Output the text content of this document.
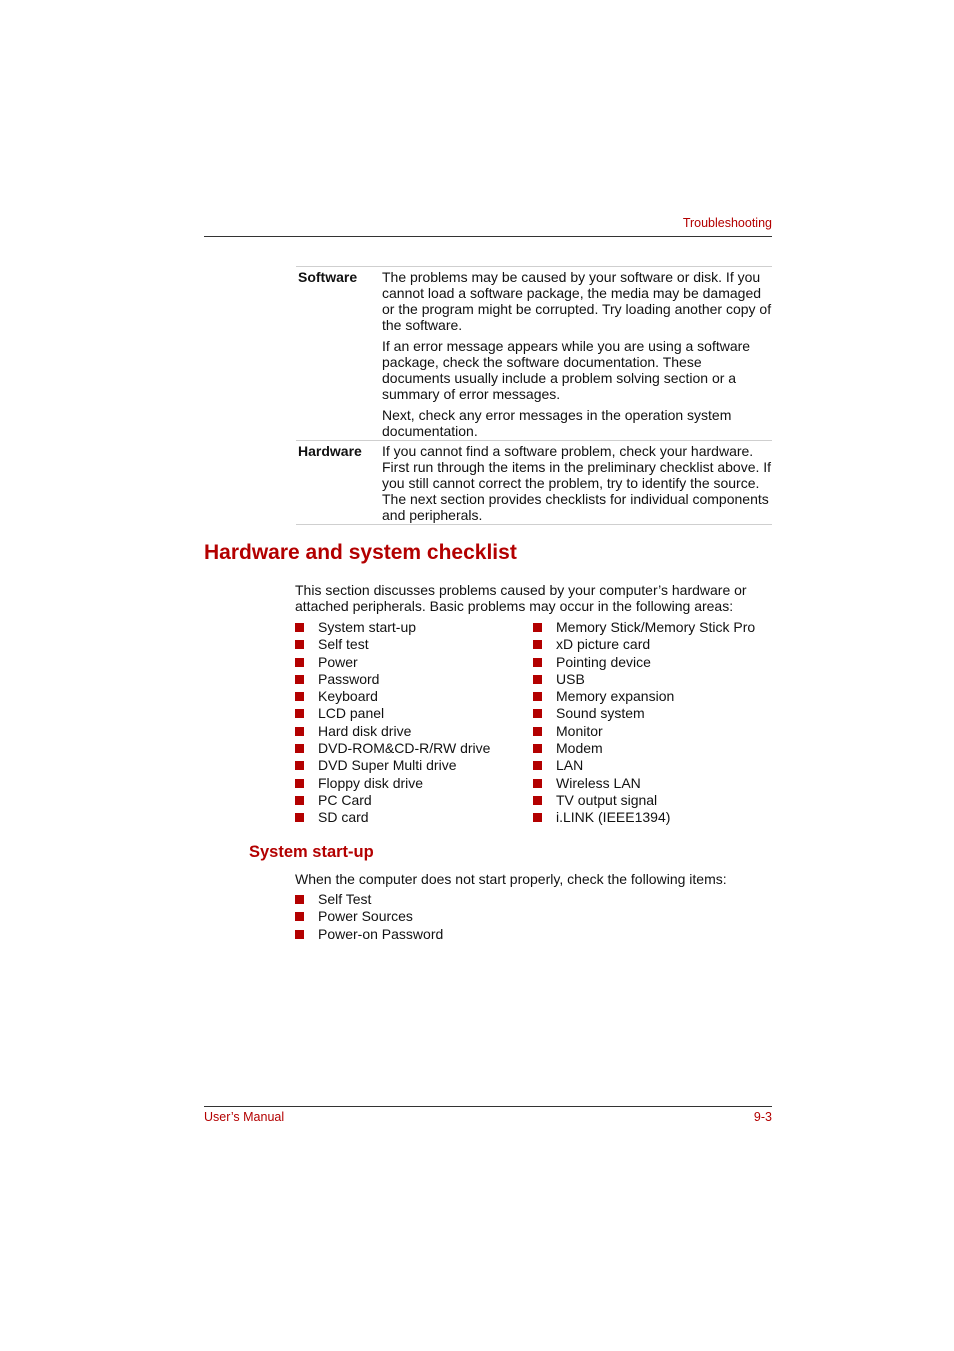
Troubleshooting
Software	The problems may be caused by your software or disk. If you cannot load a software package, the media may be damaged or the program might be corrupted. Try loading another copy of the software.

If an error message appears while you are using a software package, check the software documentation. These documents usually include a problem solving section or a summary of error messages.

Next, check any error messages in the operation system documentation.

Hardware	If you cannot find a software problem, check your hardware. First run through the items in the preliminary checklist above. If you still cannot correct the problem, try to identify the source. The next section provides checklists for individual components and peripherals.

Hardware and system checklist

This section discusses problems caused by your computer’s hardware or attached peripherals. Basic problems may occur in the following areas:

System start-up
Self test
Power
Password
Keyboard
LCD panel
Hard disk drive
DVD-ROM&CD-R/RW drive
DVD Super Multi drive
Floppy disk drive
PC Card
SD card
Memory Stick/Memory Stick Pro
xD picture card
Pointing device
USB
Memory expansion
Sound system
Monitor
Modem
LAN
Wireless LAN
TV output signal
i.LINK (IEEE1394)
System start-up

When the computer does not start properly, check the following items:

Self Test
Power Sources
Power-on Password
User’s Manual	9-3
